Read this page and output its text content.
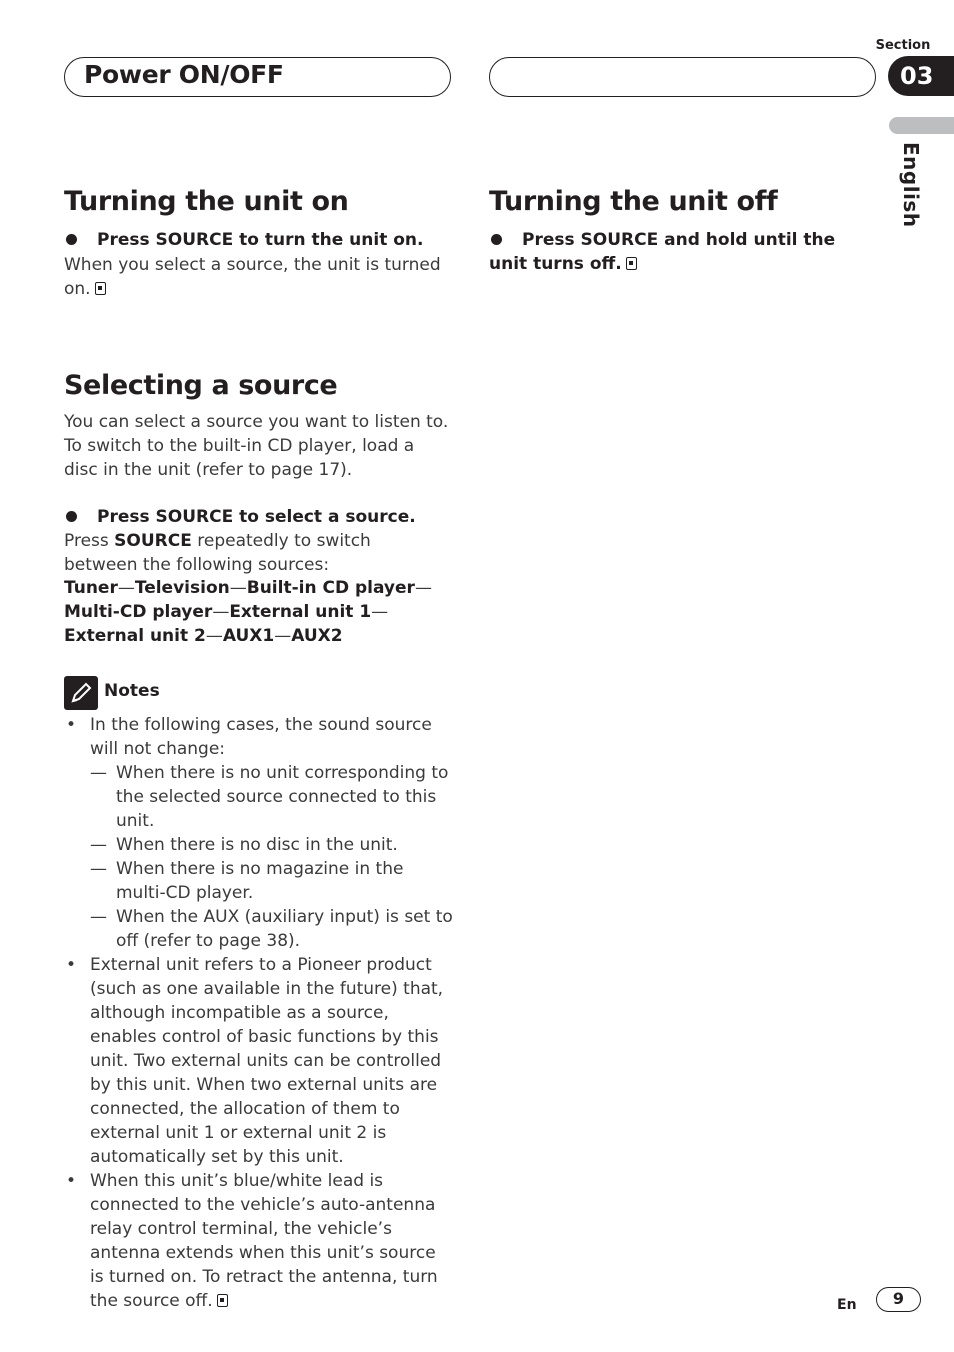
Power ON/OFF
Section
03
English
Turning the unit on
Press SOURCE to turn the unit on.
When you select a source, the unit is turned on.
Turning the unit off
Press SOURCE and hold until the unit turns off.
Selecting a source
You can select a source you want to listen to. To switch to the built-in CD player, load a disc in the unit (refer to page 17).
Press SOURCE to select a source.
Press SOURCE repeatedly to switch between the following sources:
Tuner—Television—Built-in CD player—Multi-CD player—External unit 1—External unit 2—AUX1—AUX2
Notes
• In the following cases, the sound source will not change:
— When there is no unit corresponding to the selected source connected to this unit.
— When there is no disc in the unit.
— When there is no magazine in the multi-CD player.
— When the AUX (auxiliary input) is set to off (refer to page 38).
• External unit refers to a Pioneer product (such as one available in the future) that, although incompatible as a source, enables control of basic functions by this unit. Two external units can be controlled by this unit. When two external units are connected, the allocation of them to external unit 1 or external unit 2 is automatically set by this unit.
• When this unit’s blue/white lead is connected to the vehicle’s auto-antenna relay control terminal, the vehicle’s antenna extends when this unit’s source is turned on. To retract the antenna, turn the source off.	En	9
